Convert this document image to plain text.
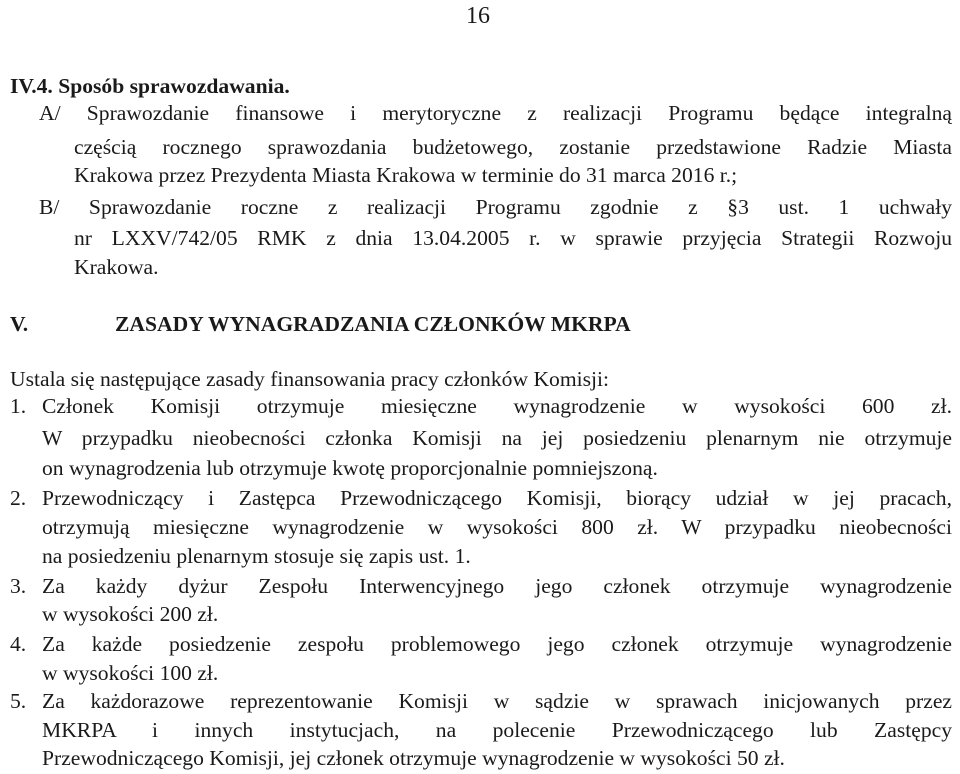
16
IV.4. Sposób sprawozdawania.
A/ Sprawozdanie finansowe i merytoryczne z realizacji Programu będące integralną
częścią rocznego sprawozdania budżetowego, zostanie przedstawione Radzie Miasta
Krakowa przez Prezydenta Miasta Krakowa w terminie do 31 marca 2016 r.;
B/ Sprawozdanie roczne z realizacji Programu zgodnie z §3 ust. 1 uchwały
nr LXXV/742/05 RMK z dnia 13.04.2005 r. w sprawie przyjęcia Strategii Rozwoju
Krakowa.
V.	ZASADY WYNAGRADZANIA CZŁONKÓW MKRPA
Ustala się następujące zasady finansowania pracy członków Komisji:
1. Członek Komisji otrzymuje miesięczne wynagrodzenie w wysokości 600 zł.
W przypadku nieobecności członka Komisji na jej posiedzeniu plenarnym nie otrzymuje
on wynagrodzenia lub otrzymuje kwotę proporcjonalnie pomniejszoną.
2. Przewodniczący i Zastępca Przewodniczącego Komisji, biorący udział w jej pracach,
otrzymują miesięczne wynagrodzenie w wysokości 800 zł. W przypadku nieobecności
na posiedzeniu plenarnym stosuje się zapis ust. 1.
3. Za każdy dyżur Zespołu Interwencyjnego jego członek otrzymuje wynagrodzenie
w wysokości 200 zł.
4. Za każde posiedzenie zespołu problemowego jego członek otrzymuje wynagrodzenie
w wysokości 100 zł.
5. Za każdorazowe reprezentowanie Komisji w sądzie w sprawach inicjowanych przez
MKRPA i innych instytucjach, na polecenie Przewodniczącego lub Zastępcy
Przewodniczącego Komisji, jej członek otrzymuje wynagrodzenie w wysokości 50 zł.
